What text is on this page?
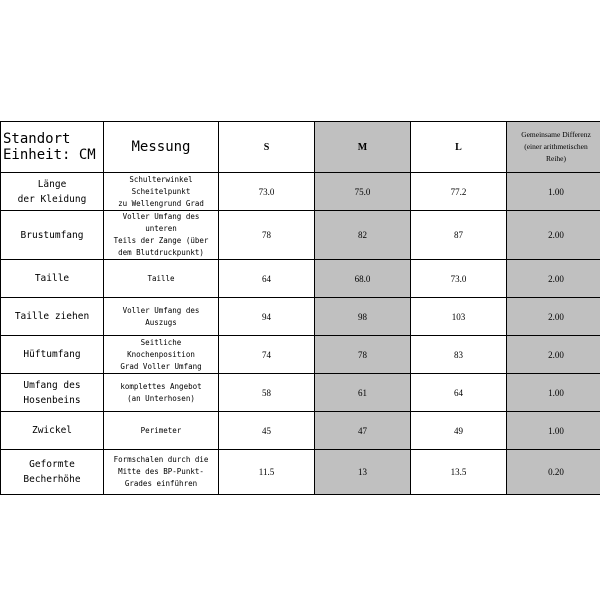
Standort
Einheit: CM	Messung	S	M	L	Gemeinsame Differenz
(einer arithmetischen
Reihe)

Länge
der Kleidung	Schulterwinkel
Scheitelpunkt
zu Wellengrund Grad	73.0	75.0	77.2	1.00

Brustumfang	Voller Umfang des unteren
Teils der Zange (über
dem Blutdruckpunkt)	78	82	87	2.00

Taille	Taille	64	68.0	73.0	2.00

Taille ziehen	Voller Umfang des Auszugs	94	98	103	2.00

Hüftumfang	Seitliche Knochenposition
Grad Voller Umfang	74	78	83	2.00

Umfang des
Hosenbeins	komplettes Angebot
(an Unterhosen)	58	61	64	1.00

Zwickel	Perimeter	45	47	49	1.00

Geformte
Becherhöhe	Formschalen durch die
Mitte des BP-Punkt-
Grades einführen	11.5	13	13.5	0.20
